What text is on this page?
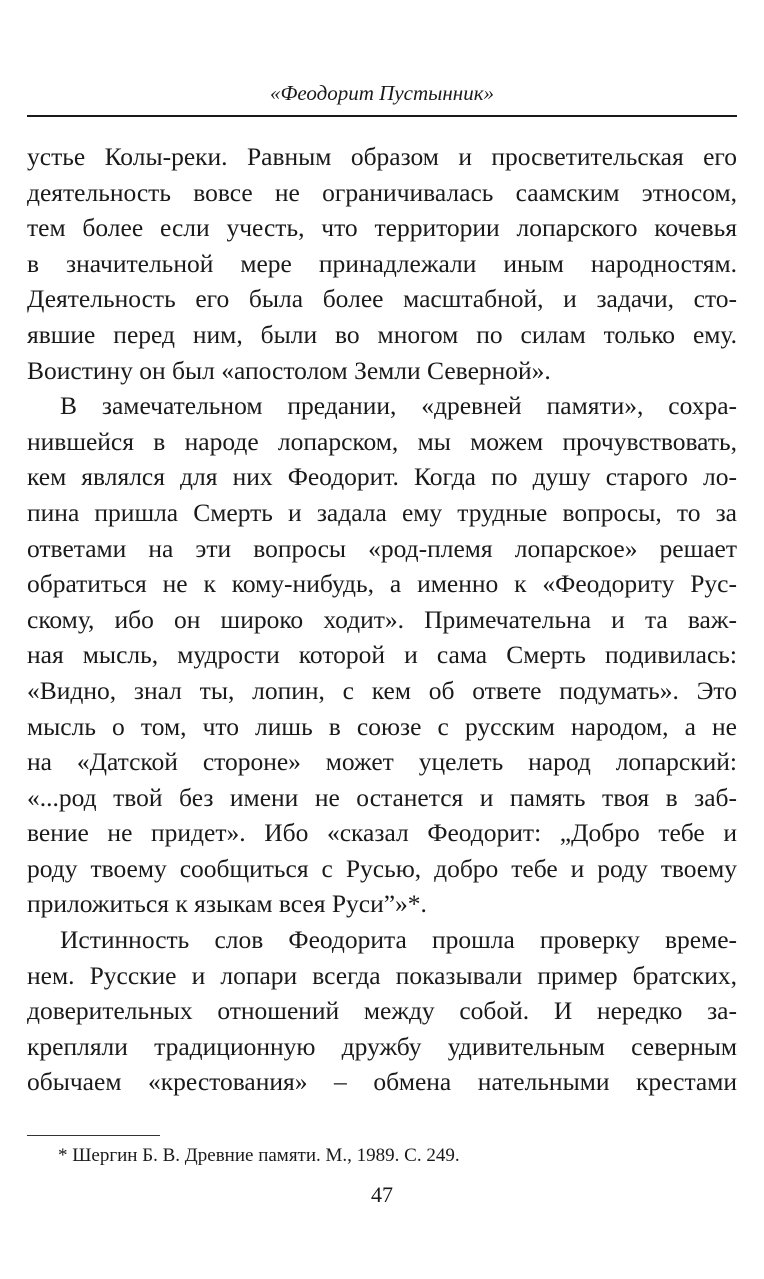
«Феодорит Пустынник»
устье Колы-реки. Равным образом и просветительская его
деятельность вовсе не ограничивалась саамским этносом,
тем более если учесть, что территории лопарского кочевья
в значительной мере принадлежали иным народностям.
Деятельность его была более масштабной, и задачи, сто-
явшие перед ним, были во многом по силам только ему.
Воистину он был «апостолом Земли Северной».
В замечательном предании, «древней памяти», сохра-
нившейся в народе лопарском, мы можем прочувствовать,
кем являлся для них Феодорит. Когда по душу старого ло-
пина пришла Смерть и задала ему трудные вопросы, то за
ответами на эти вопросы «род-племя лопарское» решает
обратиться не к кому-нибудь, а именно к «Феодориту Рус-
скому, ибо он широко ходит». Примечательна и та важ-
ная мысль, мудрости которой и сама Смерть подивилась:
«Видно, знал ты, лопин, с кем об ответе подумать». Это
мысль о том, что лишь в союзе с русским народом, а не
на «Датской стороне» может уцелеть народ лопарский:
«...род твой без имени не останется и память твоя в заб-
вение не придет». Ибо «сказал Феодорит: „Добро тебе и
роду твоему сообщиться с Русью, добро тебе и роду твоему
приложиться к языкам всея Руси”»*.
Истинность слов Феодорита прошла проверку време-
нем. Русские и лопари всегда показывали пример братских,
доверительных отношений между собой. И нередко за-
крепляли традиционную дружбу удивительным северным
обычаем «крестования» – обмена нательными крестами
* Шергин Б. В. Древние памяти. М., 1989. С. 249.
47
